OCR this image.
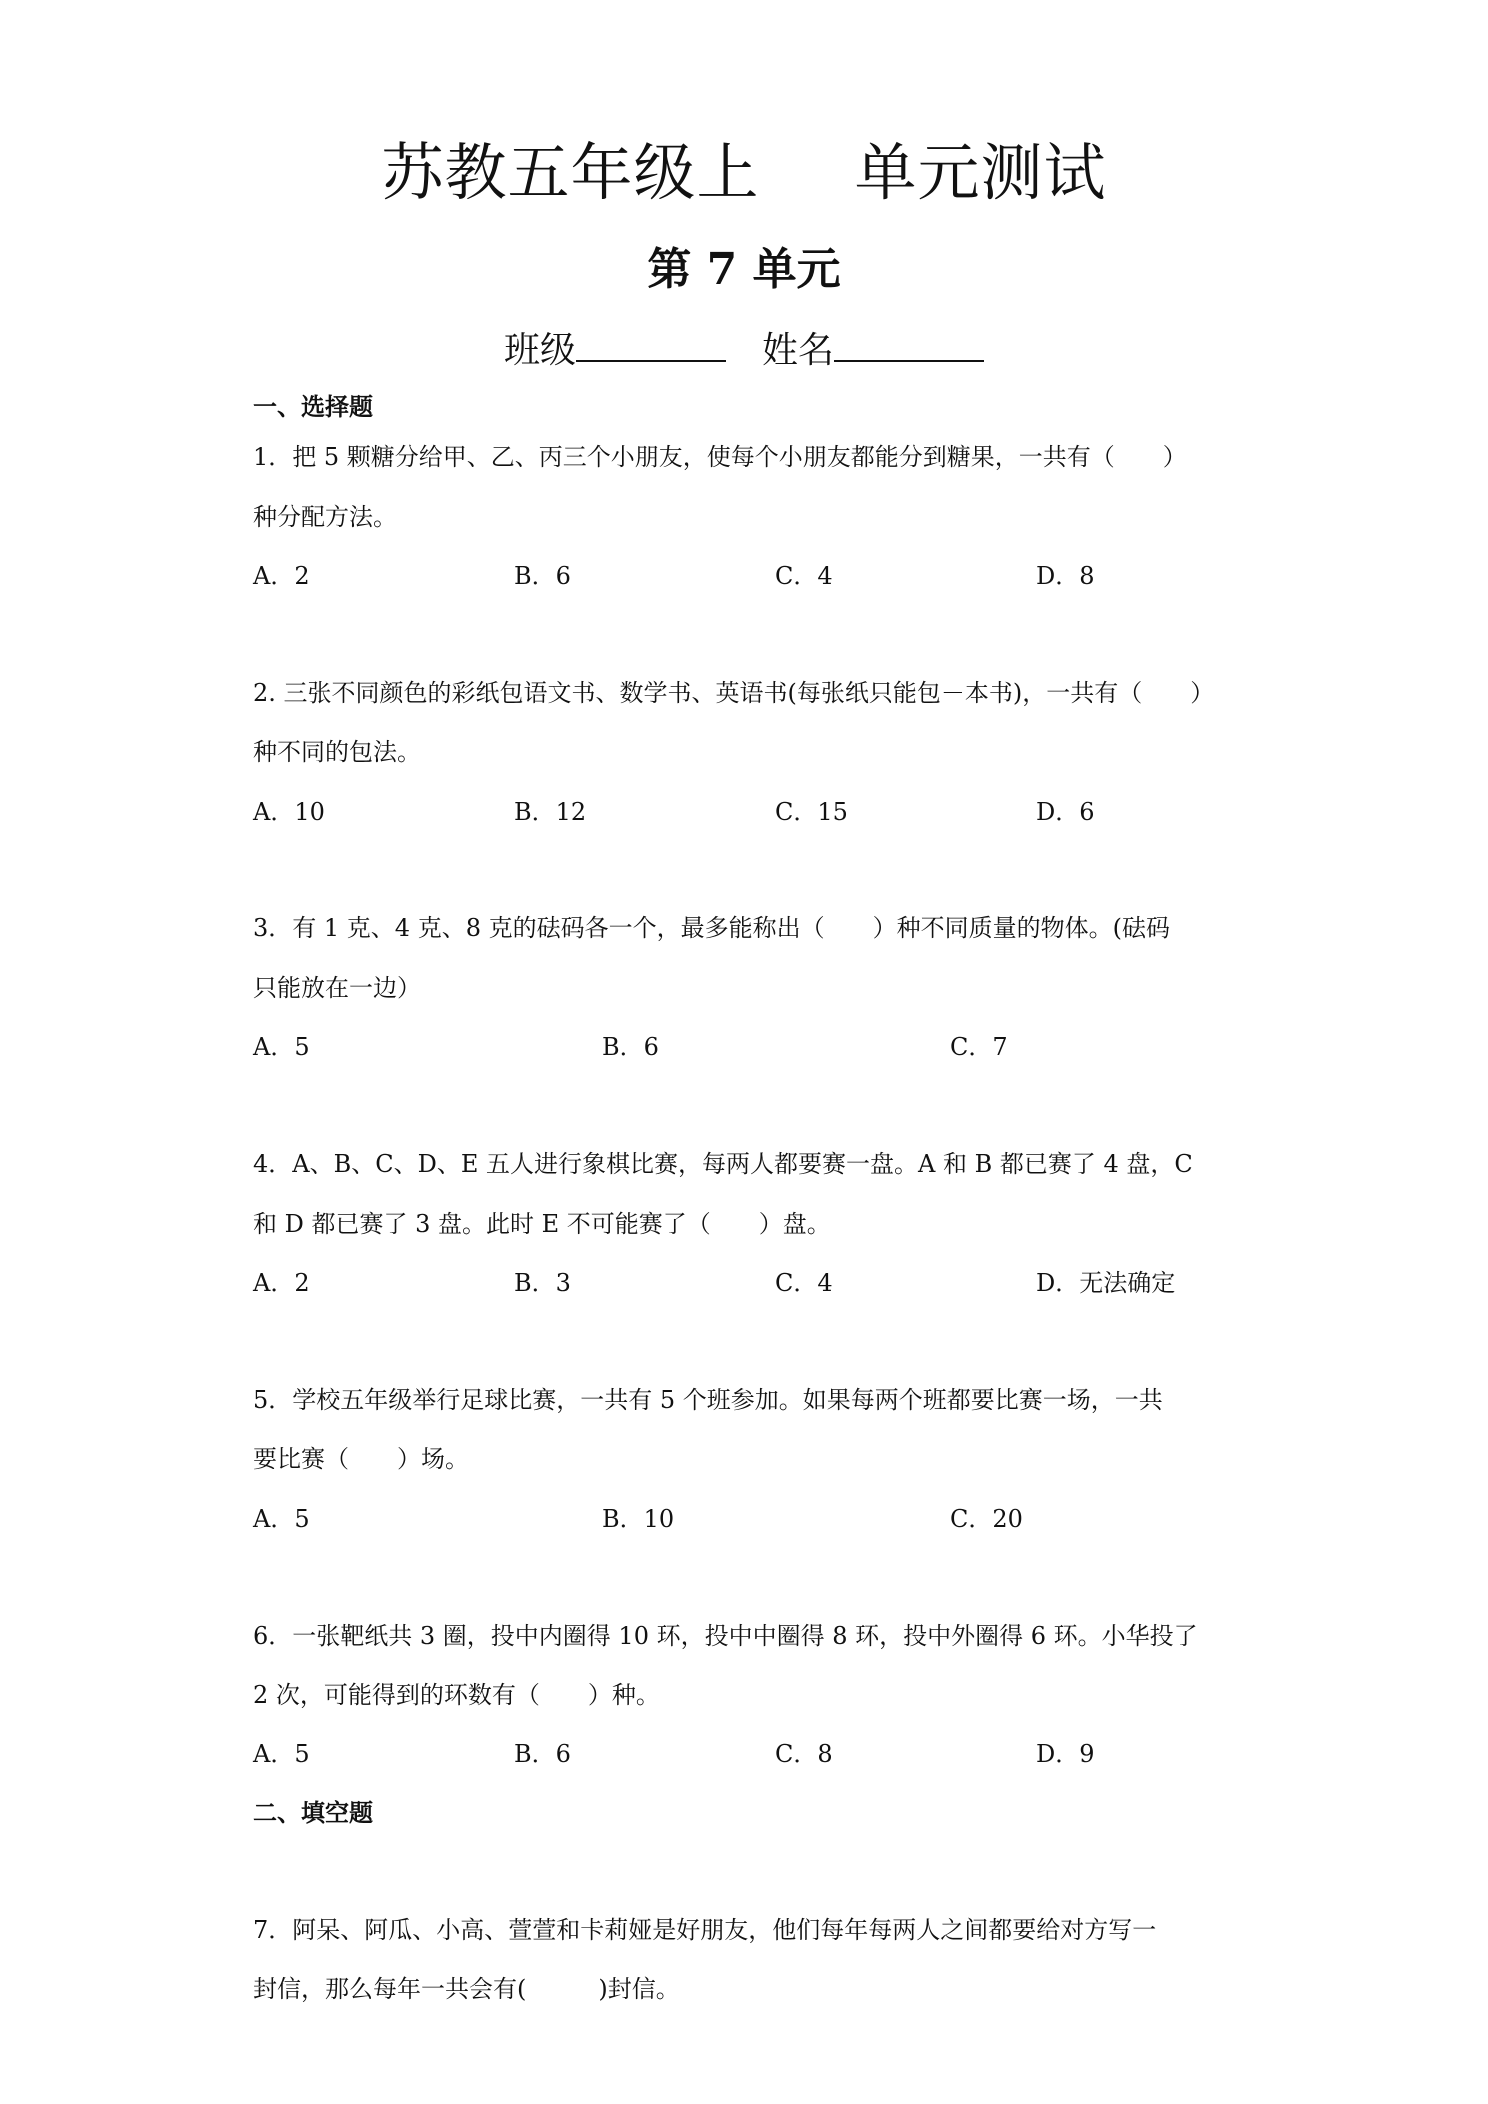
苏教五年级上 单元测试
第 7 单元
班级	姓名
一、选择题
1．把 5 颗糖分给甲、乙、丙三个小朋友，使每个小朋友都能分到糖果，一共有（　　）
种分配方法。
A．2	B．6	C．4	D．8
2. 三张不同颜色的彩纸包语文书、数学书、英语书(每张纸只能包－本书)，一共有（　　）
种不同的包法。
A．10	B．12	C．15	D．6
3．有 1 克、4 克、8 克的砝码各一个，最多能称出（　　）种不同质量的物体。(砝码
只能放在一边）
A．5	B．6	C．7
4．A、B、C、D、E 五人进行象棋比赛，每两人都要赛一盘。A 和 B 都已赛了 4 盘，C
和 D 都已赛了 3 盘。此时 E 不可能赛了（　　）盘。
A．2	B．3	C．4	D．无法确定
5．学校五年级举行足球比赛，一共有 5 个班参加。如果每两个班都要比赛一场，一共
要比赛（　　）场。
A．5	B．10	C．20
6．一张靶纸共 3 圈，投中内圈得 10 环，投中中圈得 8 环，投中外圈得 6 环。小华投了
2 次，可能得到的环数有（　　）种。
A．5	B．6	C．8	D．9
二、填空题
7．阿呆、阿瓜、小高、萱萱和卡莉娅是好朋友，他们每年每两人之间都要给对方写一
封信，那么每年一共会有(　　　)封信。
